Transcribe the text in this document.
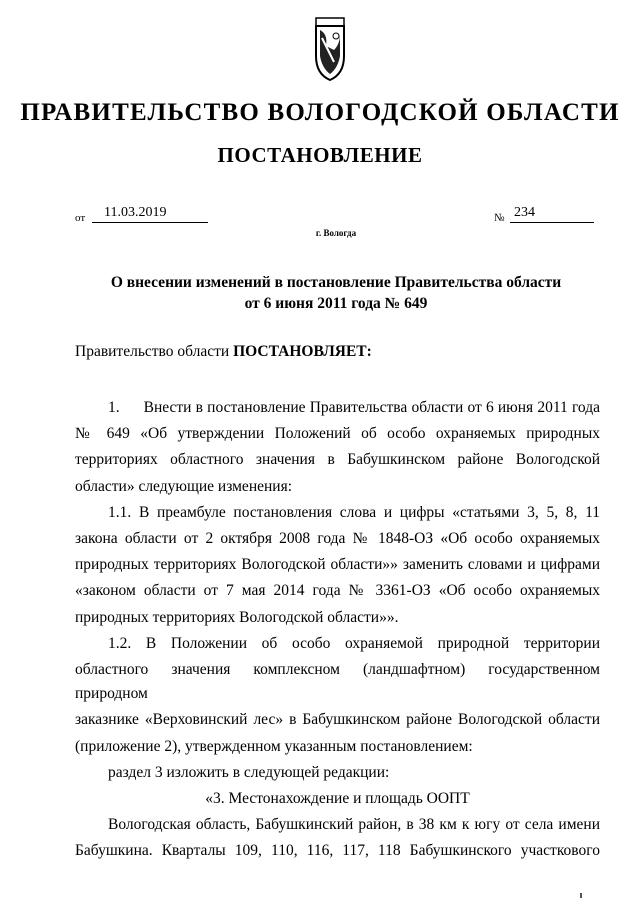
ПРАВИТЕЛЬСТВО ВОЛОГОДСКОЙ ОБЛАСТИ
ПОСТАНОВЛЕНИЕ
от	11.03.2019	№ 234
г. Вологда
О внесении изменений в постановление Правительства области
от 6 июня 2011 года № 649
Правительство области ПОСТАНОВЛЯЕТ:

1. Внести в постановление Правительства области от 6 июня 2011 года

№ 649 «Об утверждении Положений об особо охраняемых природных

территориях областного значения в Бабушкинском районе Вологодской

области» следующие изменения:

1.1. В преамбуле постановления слова и цифры «статьями 3, 5, 8, 11

закона области от 2 октября 2008 года № 1848-ОЗ «Об особо охраняемых

природных территориях Вологодской области»» заменить словами и цифрами

«законом области от 7 мая 2014 года № 3361-ОЗ «Об особо охраняемых

природных территориях Вологодской области»».

1.2. В Положении об особо охраняемой природной территории

областного значения комплексном (ландшафтном) государственном природном

заказнике «Верховинский лес» в Бабушкинском районе Вологодской области

(приложение 2), утвержденном указанным постановлением:

раздел 3 изложить в следующей редакции:

«3. Местонахождение и площадь ООПТ

Вологодская область, Бабушкинский район, в 38 км к югу от села имени

Бабушкина. Кварталы 109, 110, 116, 117, 118 Бабушкинского участкового
